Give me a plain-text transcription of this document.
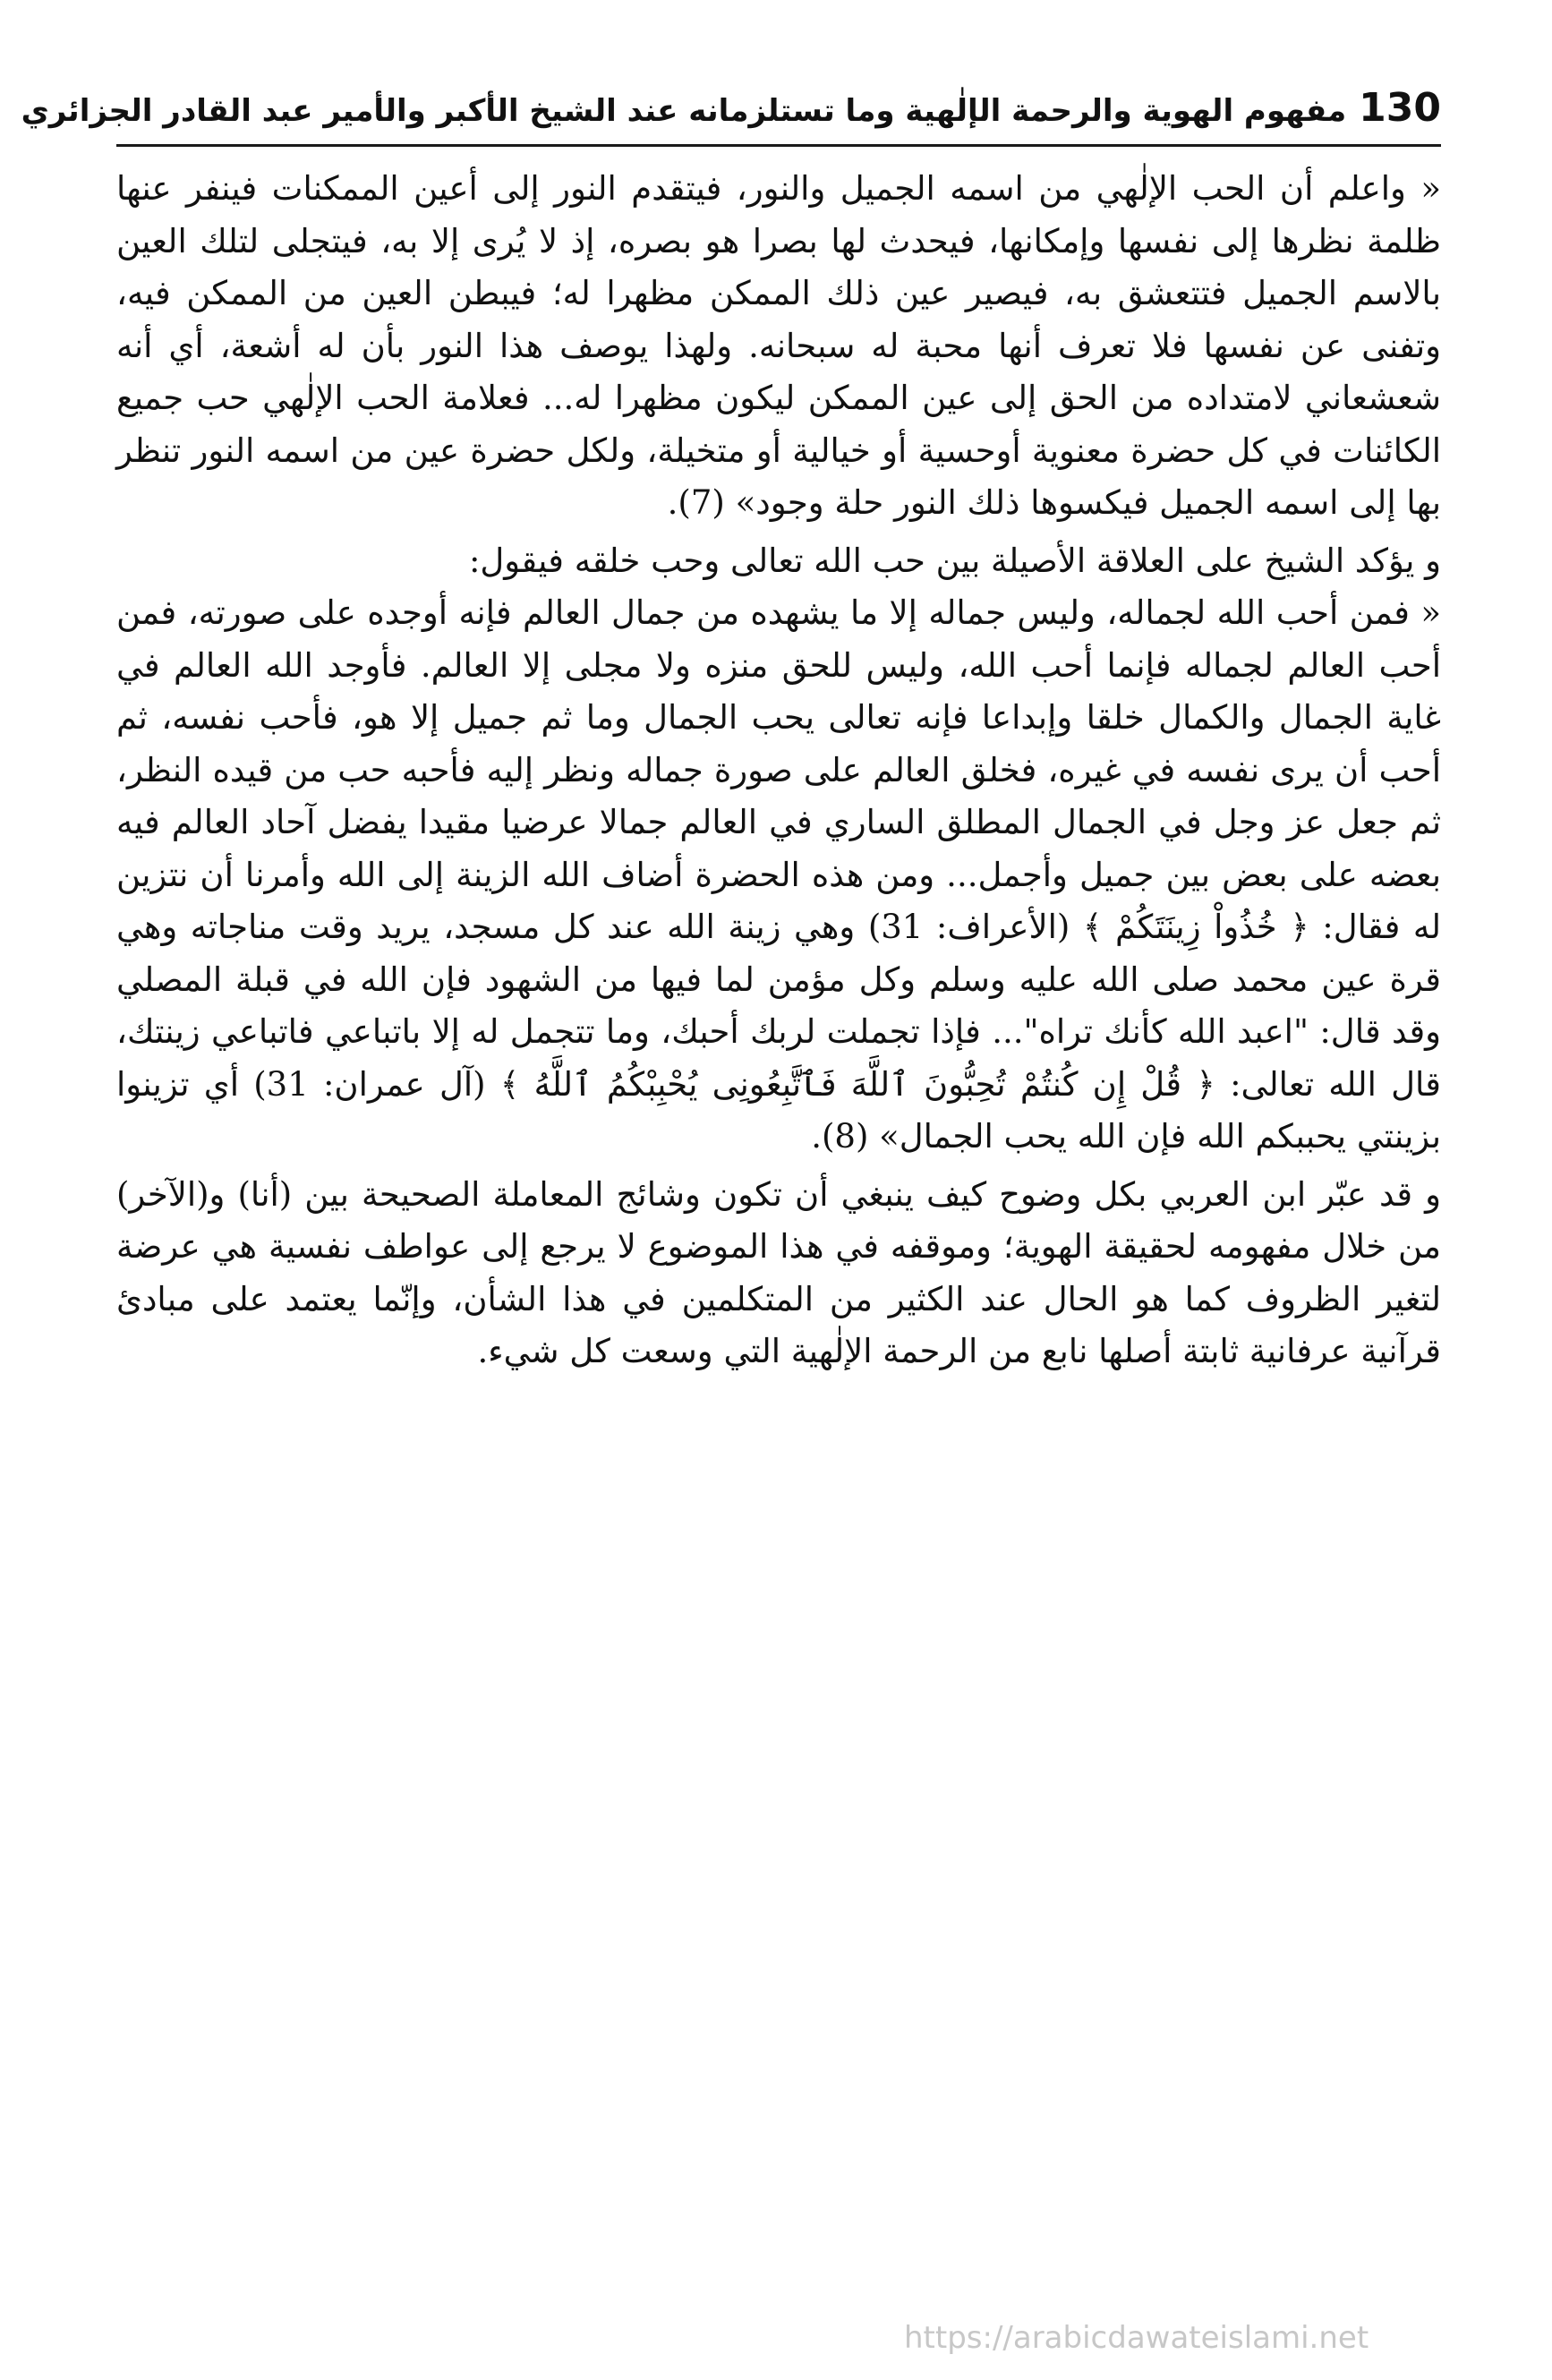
130
مفهوم الهوية والرحمة الإلٰهية وما تستلزمانه عند الشيخ الأكبر والأمير عبد القادر الجزائري

« واعلم أن الحب الإلٰهي من اسمه الجميل والنور، فيتقدم النور إلى أعين الممكنات فينفر عنها ظلمة نظرها إلى نفسها وإمكانها، فيحدث لها بصرا هو بصره، إذ لا يُرى إلا به، فيتجلى لتلك العين بالاسم الجميل فتتعشق به، فيصير عين ذلك الممكن مظهرا له؛ فيبطن العين من الممكن فيه، وتفنى عن نفسها فلا تعرف أنها محبة له سبحانه. ولهذا يوصف هذا النور بأن له أشعة، أي أنه شعشعاني لامتداده من الحق إلى عين الممكن ليكون مظهرا له... فعلامة الحب الإلٰهي حب جميع الكائنات في كل حضرة معنوية أوحسية أو خيالية أو متخيلة، ولكل حضرة عين من اسمه النور تنظر بها إلى اسمه الجميل فيكسوها ذلك النور حلة وجود» (7).

و يؤكد الشيخ على العلاقة الأصيلة بين حب الله تعالى وحب خلقه فيقول:

« فمن أحب الله لجماله، وليس جماله إلا ما يشهده من جمال العالم فإنه أوجده على صورته، فمن أحب العالم لجماله فإنما أحب الله، وليس للحق منزه ولا مجلى إلا العالم. فأوجد الله العالم في غاية الجمال والكمال خلقا وإبداعا فإنه تعالى يحب الجمال وما ثم جميل إلا هو، فأحب نفسه، ثم أحب أن يرى نفسه في غيره، فخلق العالم على صورة جماله ونظر إليه فأحبه حب من قيده النظر، ثم جعل عز وجل في الجمال المطلق الساري في العالم جمالا عرضيا مقيدا يفضل آحاد العالم فيه بعضه على بعض بين جميل وأجمل... ومن هذه الحضرة أضاف الله الزينة إلى الله وأمرنا أن نتزين له فقال: ﴿ خُذُواْ زِينَتَكُمْ ﴾ (الأعراف: 31) وهي زينة الله عند كل مسجد، يريد وقت مناجاته وهي قرة عين محمد صلى الله عليه وسلم وكل مؤمن لما فيها من الشهود فإن الله في قبلة المصلي وقد قال: "اعبد الله كأنك تراه"... فإذا تجملت لربك أحبك، وما تتجمل له إلا باتباعي فاتباعي زينتك، قال الله تعالى: ﴿ قُلْ إِن كُنتُمْ تُحِبُّونَ ٱللَّهَ فَٱتَّبِعُونِى يُحْبِبْكُمُ ٱللَّهُ ﴾ (آل عمران: 31) أي تزينوا بزينتي يحببكم الله فإن الله يحب الجمال» (8).

و قد عبّر ابن العربي بكل وضوح كيف ينبغي أن تكون وشائج المعاملة الصحيحة بين (أنا) و(الآخر) من خلال مفهومه لحقيقة الهوية؛ وموقفه في هذا الموضوع لا يرجع إلى عواطف نفسية هي عرضة لتغير الظروف كما هو الحال عند الكثير من المتكلمين في هذا الشأن، وإنّما يعتمد على مبادئ قرآنية عرفانية ثابتة أصلها نابع من الرحمة الإلٰهية التي وسعت كل شيء.

https://arabicdawateislami.net
